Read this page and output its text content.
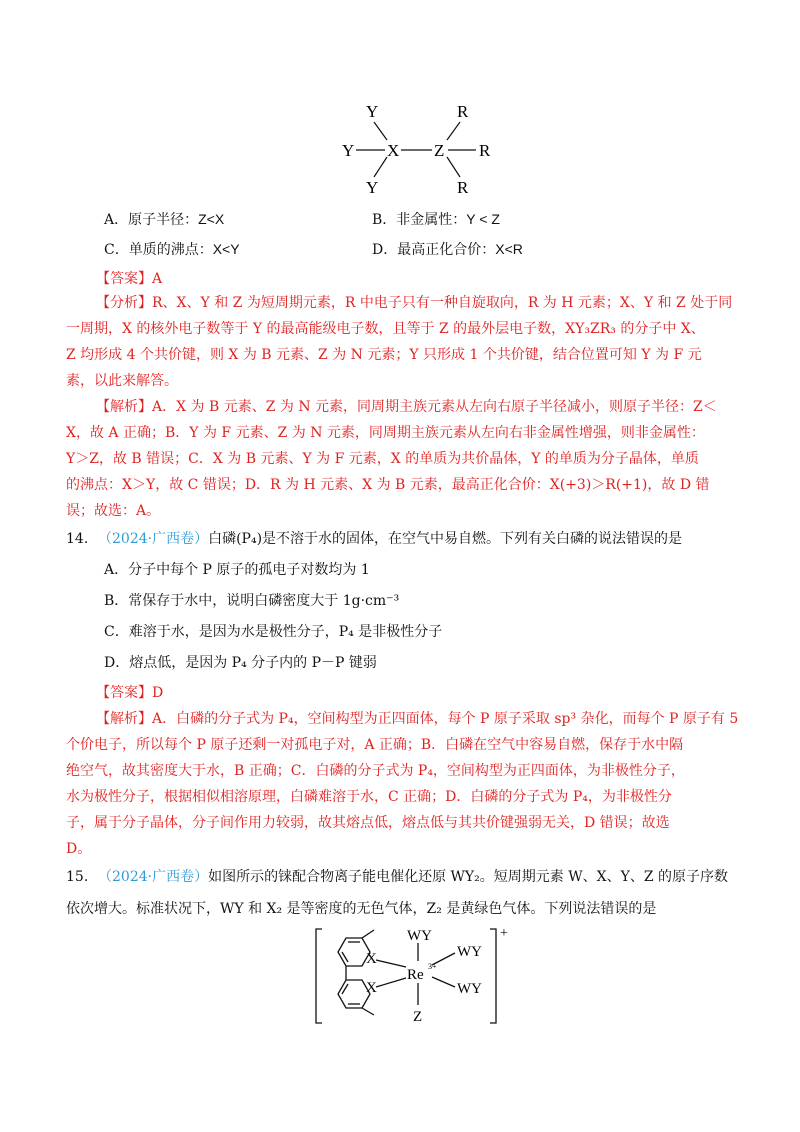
Y
Y X Z
R
R
Y	R
A．原子半径：Z<X	B．非金属性：Y < Z
C．单质的沸点：X<Y	D．最高正化合价：X<R
【答案】A
【分析】R、X、Y 和 Z 为短周期元素，R 中电子只有一种自旋取向，R 为 H 元素；X、Y 和 Z 处于同
一周期，X 的核外电子数等于 Y 的最高能级电子数，且等于 Z 的最外层电子数，XY₃ZR₃ 的分子中 X、
Z 均形成 4 个共价键，则 X 为 B 元素、Z 为 N 元素；Y 只形成 1 个共价键，结合位置可知 Y 为 F 元
素，以此来解答。
【解析】A．X 为 B 元素、Z 为 N 元素，同周期主族元素从左向右原子半径减小，则原子半径：Z＜
X，故 A 正确；B．Y 为 F 元素、Z 为 N 元素，同周期主族元素从左向右非金属性增强，则非金属性：
Y＞Z，故 B 错误；C．X 为 B 元素、Y 为 F 元素，X 的单质为共价晶体，Y 的单质为分子晶体，单质
的沸点：X＞Y，故 C 错误；D．R 为 H 元素、X 为 B 元素，最高正化合价：X(+3)＞R(+1)，故 D 错
误；故选：A。
14. （2024·广西卷）白磷(P₄)是不溶于水的固体，在空气中易自燃。下列有关白磷的说法错误的是
A．分子中每个 P 原子的孤电子对数均为 1
B．常保存于水中，说明白磷密度大于 1g·cm⁻³
C．难溶于水，是因为水是极性分子，P₄ 是非极性分子
D．熔点低，是因为 P₄ 分子内的 P－P 键弱
【答案】D
【解析】A．白磷的分子式为 P₄，空间构型为正四面体，每个 P 原子采取 sp³ 杂化，而每个 P 原子有 5
个价电子，所以每个 P 原子还剩一对孤电子对，A 正确；B．白磷在空气中容易自燃，保存于水中隔
绝空气，故其密度大于水，B 正确；C．白磷的分子式为 P₄，空间构型为正四面体，为非极性分子，
水为极性分子，根据相似相溶原理，白磷难溶于水，C 正确；D．白磷的分子式为 P₄，为非极性分
子，属于分子晶体，分子间作用力较弱，故其熔点低，熔点低与其共价键强弱无关，D 错误；故选
D。
15. （2024·广西卷）如图所示的铼配合物离子能电催化还原 WY₂。短周期元素 W、X、Y、Z 的原子序数
依次增大。标准状况下，WY 和 X₂ 是等密度的无色气体，Z₂ 是黄绿色气体。下列说法错误的是
WY
WY
WY
Re
3+
X
X
Z
+
